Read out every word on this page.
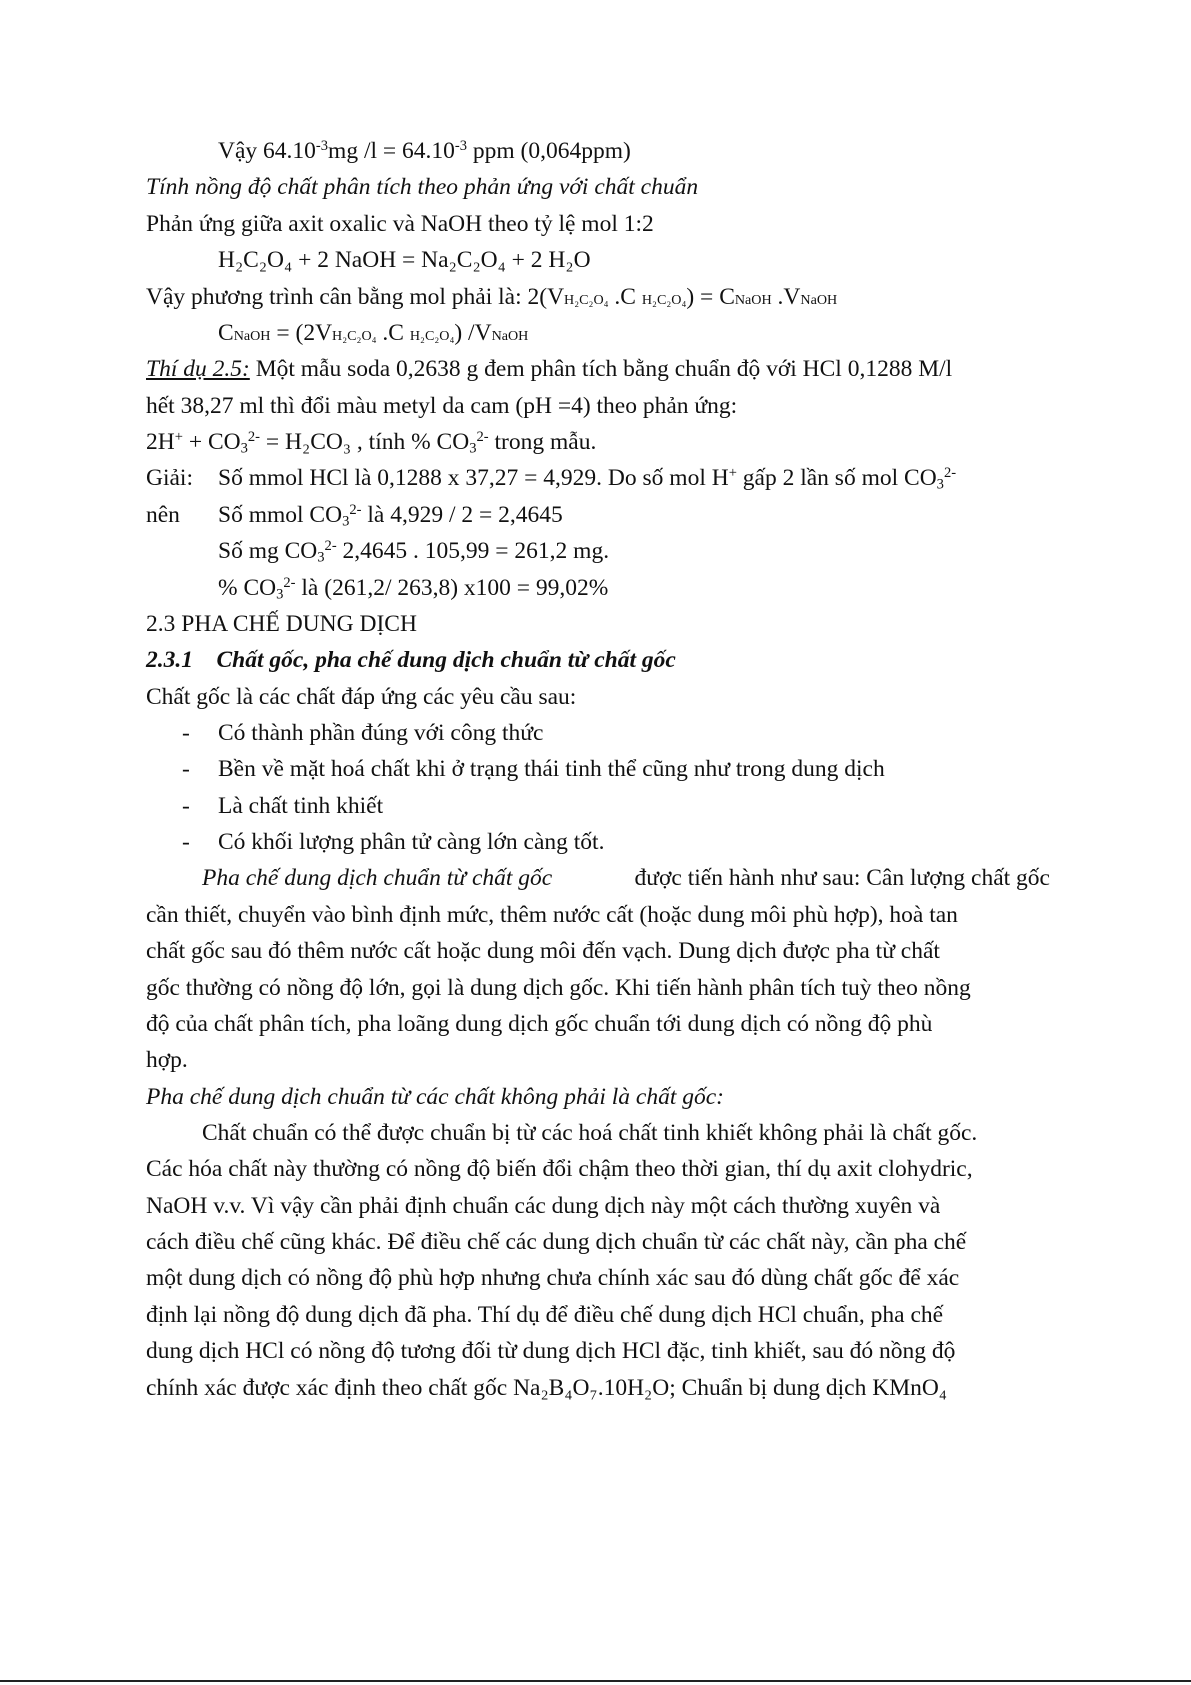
Vậy $64.10^{-3}mg$ $/l = 64.10^{-3}$ ppm (0,064ppm)
Tính nồng độ chất phân tích theo phản ứng với chất chuẩn
Phản ứng giữa axit oxalic và NaOH theo tỷ lệ mol 1:2
H₂C₂O₄ + 2 NaOH = Na₂C₂O₄ + 2 H₂O
Vậy phương trình cân bằng mol phải là: 2(VH₂C₂O₄ .C H₂C₂O₄) = CNaOH .VNaOH
CNaOH = (2VH₂C₂O₄ .C H₂C₂O₄) /VNaOH
Thí dụ 2.5: Một mẫu soda 0,2638 g đem phân tích bằng chuẩn độ với HCl 0,1288 M/l
hết 38,27 ml thì đổi màu metyl da cam (pH =4) theo phản ứng:
$2H^+ + CO_3^{2-} = H_2CO_3$ , tính % $CO_3^{2-}$ trong mẫu.
Giải: Số mmol HCl là 0,1288 x 37,27 = 4,929. Do số mol H+ gấp 2 lần số mol $CO_3^{2-}$
nên Số mmol $CO_3^{2-}$ là 4,929 / 2 = 2,4645
Số mg $CO_3^{2-}$ 2,4645 . 105,99 = 261,2 mg.
% $CO_3^{2-}$ là (261,2/ 263,8) x100 = 99,02%
2.3 PHA CHẾ DUNG DỊCH
2.3.1    Chất gốc, pha chế dung dịch chuẩn từ chất gốc
Chất gốc là các chất đáp ứng các yêu cầu sau:
- Có thành phần đúng với công thức
- Bền về mặt hoá chất khi ở trạng thái tinh thể cũng như trong dung dịch
- Là chất tinh khiết
- Có khối lượng phân tử càng lớn càng tốt.
Pha chế dung dịch chuẩn từ chất gốc	được tiến hành như sau: Cân lượng chất gốc
cần thiết, chuyển vào bình định mức, thêm nước cất (hoặc dung môi phù hợp), hoà tan
chất gốc sau đó thêm nước cất hoặc dung môi đến vạch. Dung dịch được pha từ chất
gốc thường có nồng độ lớn, gọi là dung dịch gốc. Khi tiến hành phân tích tuỳ theo nồng
độ của chất phân tích, pha loãng dung dịch gốc chuẩn tới dung dịch có nồng độ phù
hợp.
Pha chế dung dịch chuẩn từ các chất không phải là chất gốc:
Chất chuẩn có thể được chuẩn bị từ các hoá chất tinh khiết không phải là chất gốc.
Các hóa chất này thường có nồng độ biến đổi chậm theo thời gian, thí dụ axit clohydric,
NaOH v.v. Vì vậy cần phải định chuẩn các dung dịch này một cách thường xuyên và
cách điều chế cũng khác. Để điều chế các dung dịch chuẩn từ các chất này, cần pha chế
một dung dịch có nồng độ phù hợp nhưng chưa chính xác sau đó dùng chất gốc để xác
định lại nồng độ dung dịch đã pha. Thí dụ để điều chế dung dịch HCl chuẩn, pha chế
dung dịch HCl có nồng độ tương đối từ dung dịch HCl đặc, tinh khiết, sau đó nồng độ
chính xác được xác định theo chất gốc Na₂B₄O₇.10H₂O; Chuẩn bị dung dịch KMnO₄
